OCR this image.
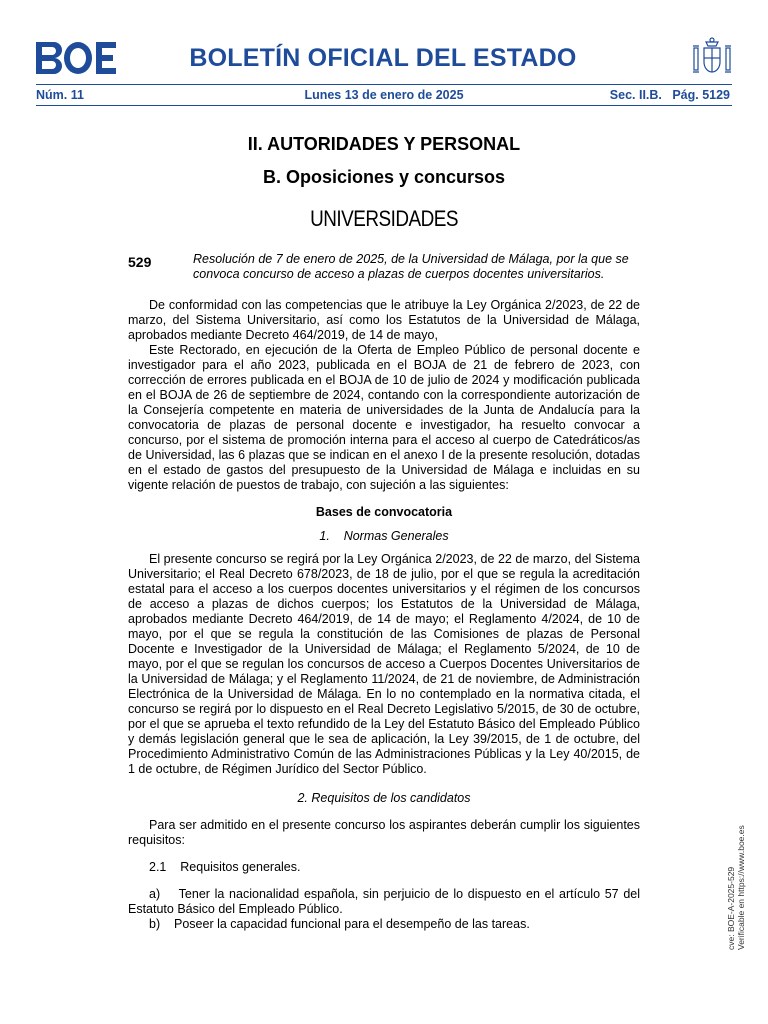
BOLETÍN OFICIAL DEL ESTADO
Núm. 11	Lunes 13 de enero de 2025	Sec. II.B.   Pág. 5129
II. AUTORIDADES Y PERSONAL
B. Oposiciones y concursos
UNIVERSIDADES
529	Resolución de 7 de enero de 2025, de la Universidad de Málaga, por la que se convoca concurso de acceso a plazas de cuerpos docentes universitarios.

De conformidad con las competencias que le atribuye la Ley Orgánica 2/2023, de 22 de marzo, del Sistema Universitario, así como los Estatutos de la Universidad de Málaga, aprobados mediante Decreto 464/2019, de 14 de mayo,

Este Rectorado, en ejecución de la Oferta de Empleo Público de personal docente e investigador para el año 2023, publicada en el BOJA de 21 de febrero de 2023, con corrección de errores publicada en el BOJA de 10 de julio de 2024 y modificación publicada en el BOJA de 26 de septiembre de 2024, contando con la correspondiente autorización de la Consejería competente en materia de universidades de la Junta de Andalucía para la convocatoria de plazas de personal docente e investigador, ha resuelto convocar a concurso, por el sistema de promoción interna para el acceso al cuerpo de Catedráticos/as de Universidad, las 6 plazas que se indican en el anexo I de la presente resolución, dotadas en el estado de gastos del presupuesto de la Universidad de Málaga e incluidas en su vigente relación de puestos de trabajo, con sujeción a las siguientes:

Bases de convocatoria

1.    Normas Generales

El presente concurso se regirá por la Ley Orgánica 2/2023, de 22 de marzo, del Sistema Universitario; el Real Decreto 678/2023, de 18 de julio, por el que se regula la acreditación estatal para el acceso a los cuerpos docentes universitarios y el régimen de los concursos de acceso a plazas de dichos cuerpos; los Estatutos de la Universidad de Málaga, aprobados mediante Decreto 464/2019, de 14 de mayo; el Reglamento 4/2024, de 10 de mayo, por el que se regula la constitución de las Comisiones de plazas de Personal Docente e Investigador de la Universidad de Málaga; el Reglamento 5/2024, de 10 de mayo, por el que se regulan los concursos de acceso a Cuerpos Docentes Universitarios de la Universidad de Málaga; y el Reglamento 11/2024, de 21 de noviembre, de Administración Electrónica de la Universidad de Málaga. En lo no contemplado en la normativa citada, el concurso se regirá por lo dispuesto en el Real Decreto Legislativo 5/2015, de 30 de octubre, por el que se aprueba el texto refundido de la Ley del Estatuto Básico del Empleado Público y demás legislación general que le sea de aplicación, la Ley 39/2015, de 1 de octubre, del Procedimiento Administrativo Común de las Administraciones Públicas y la Ley 40/2015, de 1 de octubre, de Régimen Jurídico del Sector Público.

2. Requisitos de los candidatos

Para ser admitido en el presente concurso los aspirantes deberán cumplir los siguientes requisitos:

2.1    Requisitos generales.

a)    Tener la nacionalidad española, sin perjuicio de lo dispuesto en el artículo 57 del Estatuto Básico del Empleado Público.

b)    Poseer la capacidad funcional para el desempeño de las tareas.	cve: BOE-A-2025-529 Verificable en https://www.boe.es
